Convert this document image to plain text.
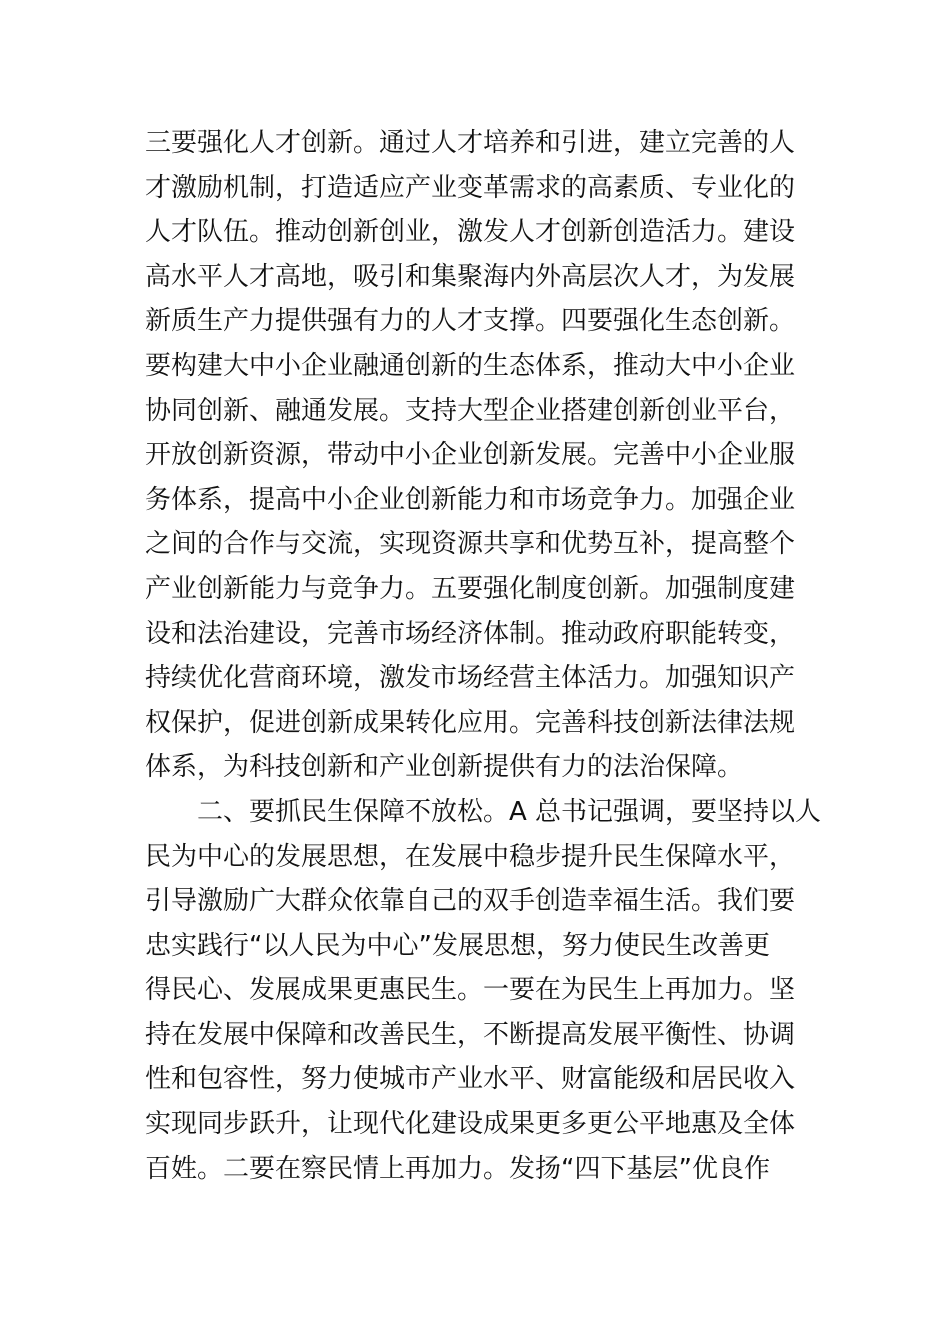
三要强化人才创新。通过人才培养和引进，建立完善的人
才激励机制，打造适应产业变革需求的高素质、专业化的
人才队伍。推动创新创业，激发人才创新创造活力。建设
高水平人才高地，吸引和集聚海内外高层次人才，为发展
新质生产力提供强有力的人才支撑。四要强化生态创新。
要构建大中小企业融通创新的生态体系，推动大中小企业
协同创新、融通发展。支持大型企业搭建创新创业平台，
开放创新资源，带动中小企业创新发展。完善中小企业服
务体系，提高中小企业创新能力和市场竞争力。加强企业
之间的合作与交流，实现资源共享和优势互补，提高整个
产业创新能力与竞争力。五要强化制度创新。加强制度建
设和法治建设，完善市场经济体制。推动政府职能转变，
持续优化营商环境，激发市场经营主体活力。加强知识产
权保护，促进创新成果转化应用。完善科技创新法律法规
体系，为科技创新和产业创新提供有力的法治保障。
二、要抓民生保障不放松。A 总书记强调，要坚持以人
民为中心的发展思想，在发展中稳步提升民生保障水平，
引导激励广大群众依靠自己的双手创造幸福生活。我们要
忠实践行“以人民为中心”发展思想，努力使民生改善更
得民心、发展成果更惠民生。一要在为民生上再加力。坚
持在发展中保障和改善民生，不断提高发展平衡性、协调
性和包容性，努力使城市产业水平、财富能级和居民收入
实现同步跃升，让现代化建设成果更多更公平地惠及全体
百姓。二要在察民情上再加力。发扬“四下基层”优良作
